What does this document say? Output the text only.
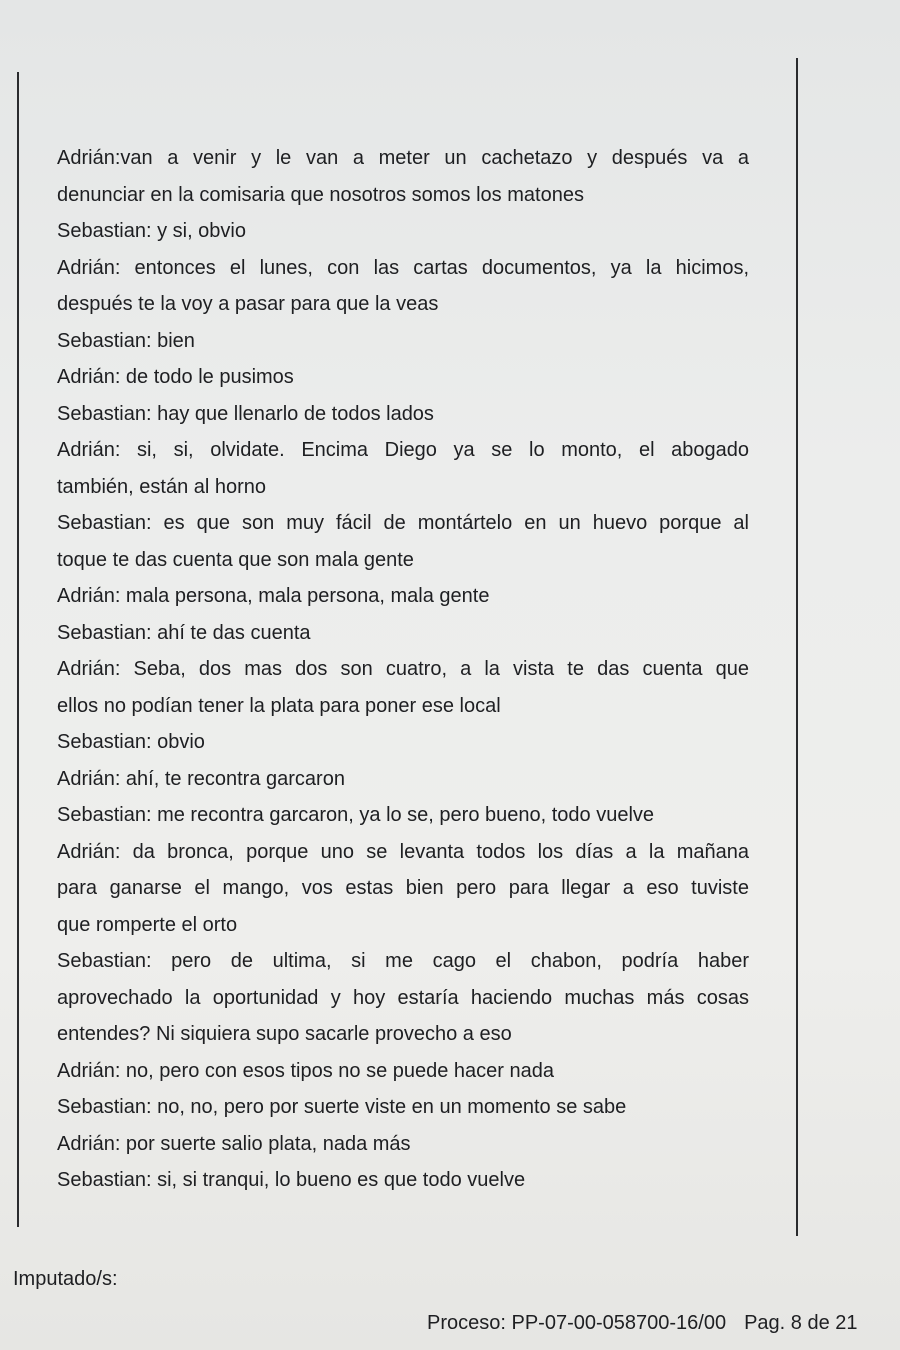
Adrián:van a venir y le van a meter un cachetazo y después va a
denunciar en la comisaria que nosotros somos los matones
Sebastian: y si, obvio
Adrián: entonces el lunes, con las cartas documentos, ya la hicimos,
después te la voy a pasar para que la veas
Sebastian: bien
Adrián: de todo le pusimos
Sebastian: hay que llenarlo de todos lados
Adrián: si, si, olvidate. Encima Diego ya se lo monto, el abogado
también, están al horno
Sebastian: es que son muy fácil de montártelo en un huevo porque al
toque te das cuenta que son mala gente
Adrián: mala persona, mala persona, mala gente
Sebastian: ahí te das cuenta
Adrián: Seba, dos mas dos son cuatro, a la vista te das cuenta que
ellos no podían tener la plata para poner ese local
Sebastian: obvio
Adrián: ahí, te recontra garcaron
Sebastian: me recontra garcaron, ya lo se, pero bueno, todo vuelve
Adrián: da bronca, porque uno se levanta todos los días a la mañana
para ganarse el mango, vos estas bien pero para llegar a eso tuviste
que romperte el orto
Sebastian: pero de ultima, si me cago el chabon, podría haber
aprovechado la oportunidad y hoy estaría haciendo muchas más cosas
entendes? Ni siquiera supo sacarle provecho a eso
Adrián: no, pero con esos tipos no se puede hacer nada
Sebastian: no, no, pero por suerte viste en un momento se sabe
Adrián: por suerte salio plata, nada más
Sebastian: si, si tranqui, lo bueno es que todo vuelve
Imputado/s:
Proceso: PP-07-00-058700-16/00 Pag. 8 de 21
